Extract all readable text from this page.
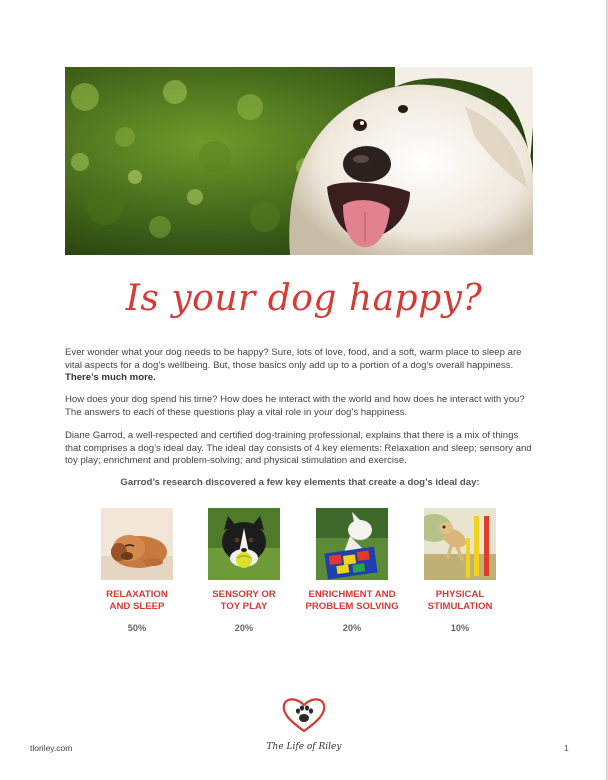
Is your dog happy?

Ever wonder what your dog needs to be happy? Sure, lots of love, food, and a soft, warm place to sleep are vital aspects for a dog’s wellbeing. But, those basics only add up to a portion of a dog’s overall happiness. There’s much more.

How does your dog spend his time? How does he interact with the world and how does he interact with you? The answers to each of these questions play a vital role in your dog’s happiness.

Diane Garrod, a well-respected and certified dog-training professional, explains that there is a mix of things that comprises a dog’s ideal day. The ideal day consists of 4 key elements: Relaxation and sleep; sensory and toy play; enrichment and problem-solving; and physical stimulation and exercise.

Garrod’s research discovered a few key elements that create a dog’s ideal day:
RELAXATION
AND SLEEP
50%
SENSORY OR
TOY PLAY
20%
ENRICHMENT AND
PROBLEM SOLVING
20%
PHYSICAL
STIMULATION
10%
The Life of Riley
tloriley.com	1
